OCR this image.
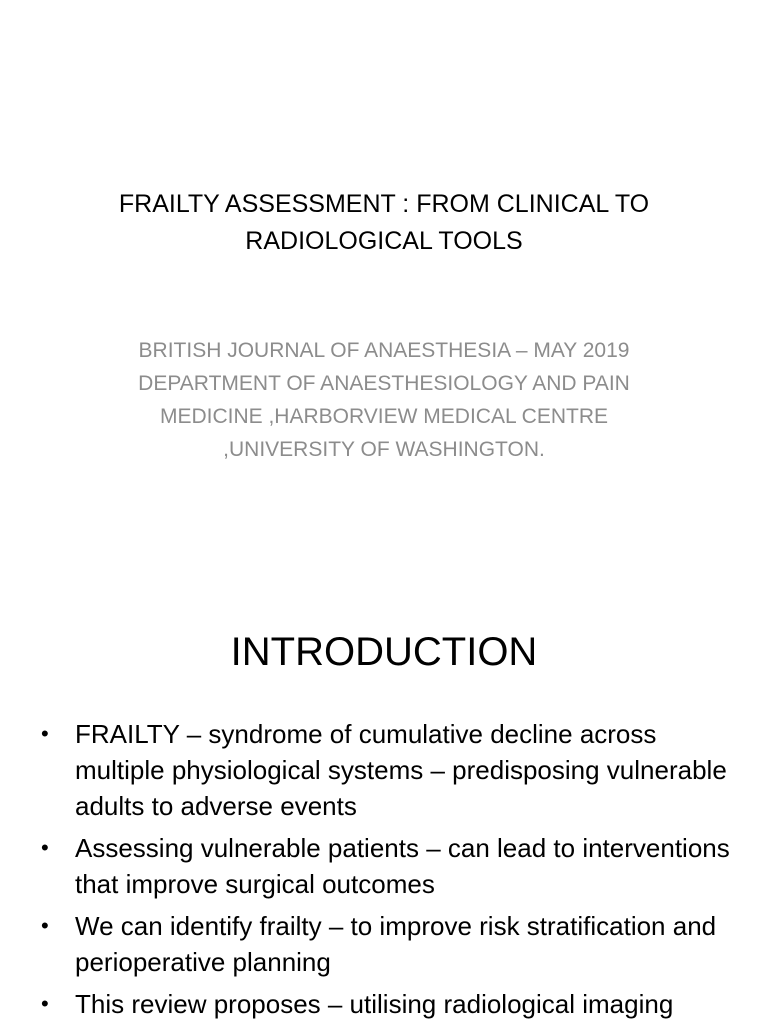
FRAILTY ASSESSMENT : FROM CLINICAL TO RADIOLOGICAL TOOLS

BRITISH JOURNAL OF ANAESTHESIA – MAY 2019

DEPARTMENT OF ANAESTHESIOLOGY AND PAIN MEDICINE ,HARBORVIEW MEDICAL CENTRE ,UNIVERSITY OF WASHINGTON.

INTRODUCTION
• FRAILTY – syndrome of cumulative decline across multiple physiological systems – predisposing vulnerable adults to adverse events
• Assessing vulnerable patients – can lead to interventions that improve surgical outcomes
• We can identify frailty – to improve risk stratification and perioperative planning
• This review proposes – utilising radiological imaging
